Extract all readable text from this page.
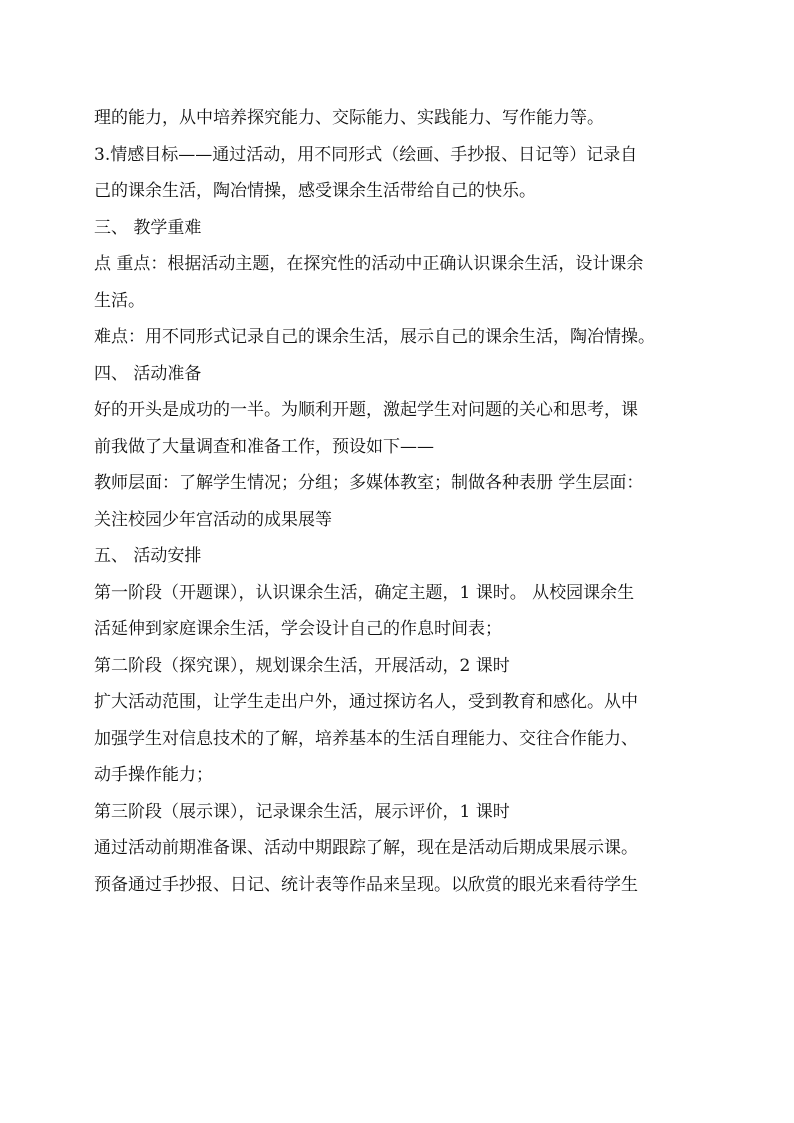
理的能力，从中培养探究能力、交际能力、实践能力、写作能力等。
3.情感目标——通过活动，用不同形式（绘画、手抄报、日记等）记录自
己的课余生活，陶冶情操，感受课余生活带给自己的快乐。
三、 教学重难
点 重点：根据活动主题，在探究性的活动中正确认识课余生活，设计课余
生活。
难点：用不同形式记录自己的课余生活，展示自己的课余生活，陶冶情操。
四、 活动准备
好的开头是成功的一半。为顺利开题，激起学生对问题的关心和思考，课
前我做了大量调查和准备工作，预设如下——
教师层面：了解学生情况；分组；多媒体教室；制做各种表册 学生层面：
关注校园少年宫活动的成果展等
五、 活动安排
第一阶段（开题课），认识课余生活，确定主题，1 课时。 从校园课余生
活延伸到家庭课余生活，学会设计自己的作息时间表；
第二阶段（探究课），规划课余生活，开展活动，2 课时
扩大活动范围，让学生走出户外，通过探访名人，受到教育和感化。从中
加强学生对信息技术的了解，培养基本的生活自理能力、交往合作能力、
动手操作能力；
第三阶段（展示课），记录课余生活，展示评价，1 课时
通过活动前期准备课、活动中期跟踪了解，现在是活动后期成果展示课。
预备通过手抄报、日记、统计表等作品来呈现。以欣赏的眼光来看待学生
